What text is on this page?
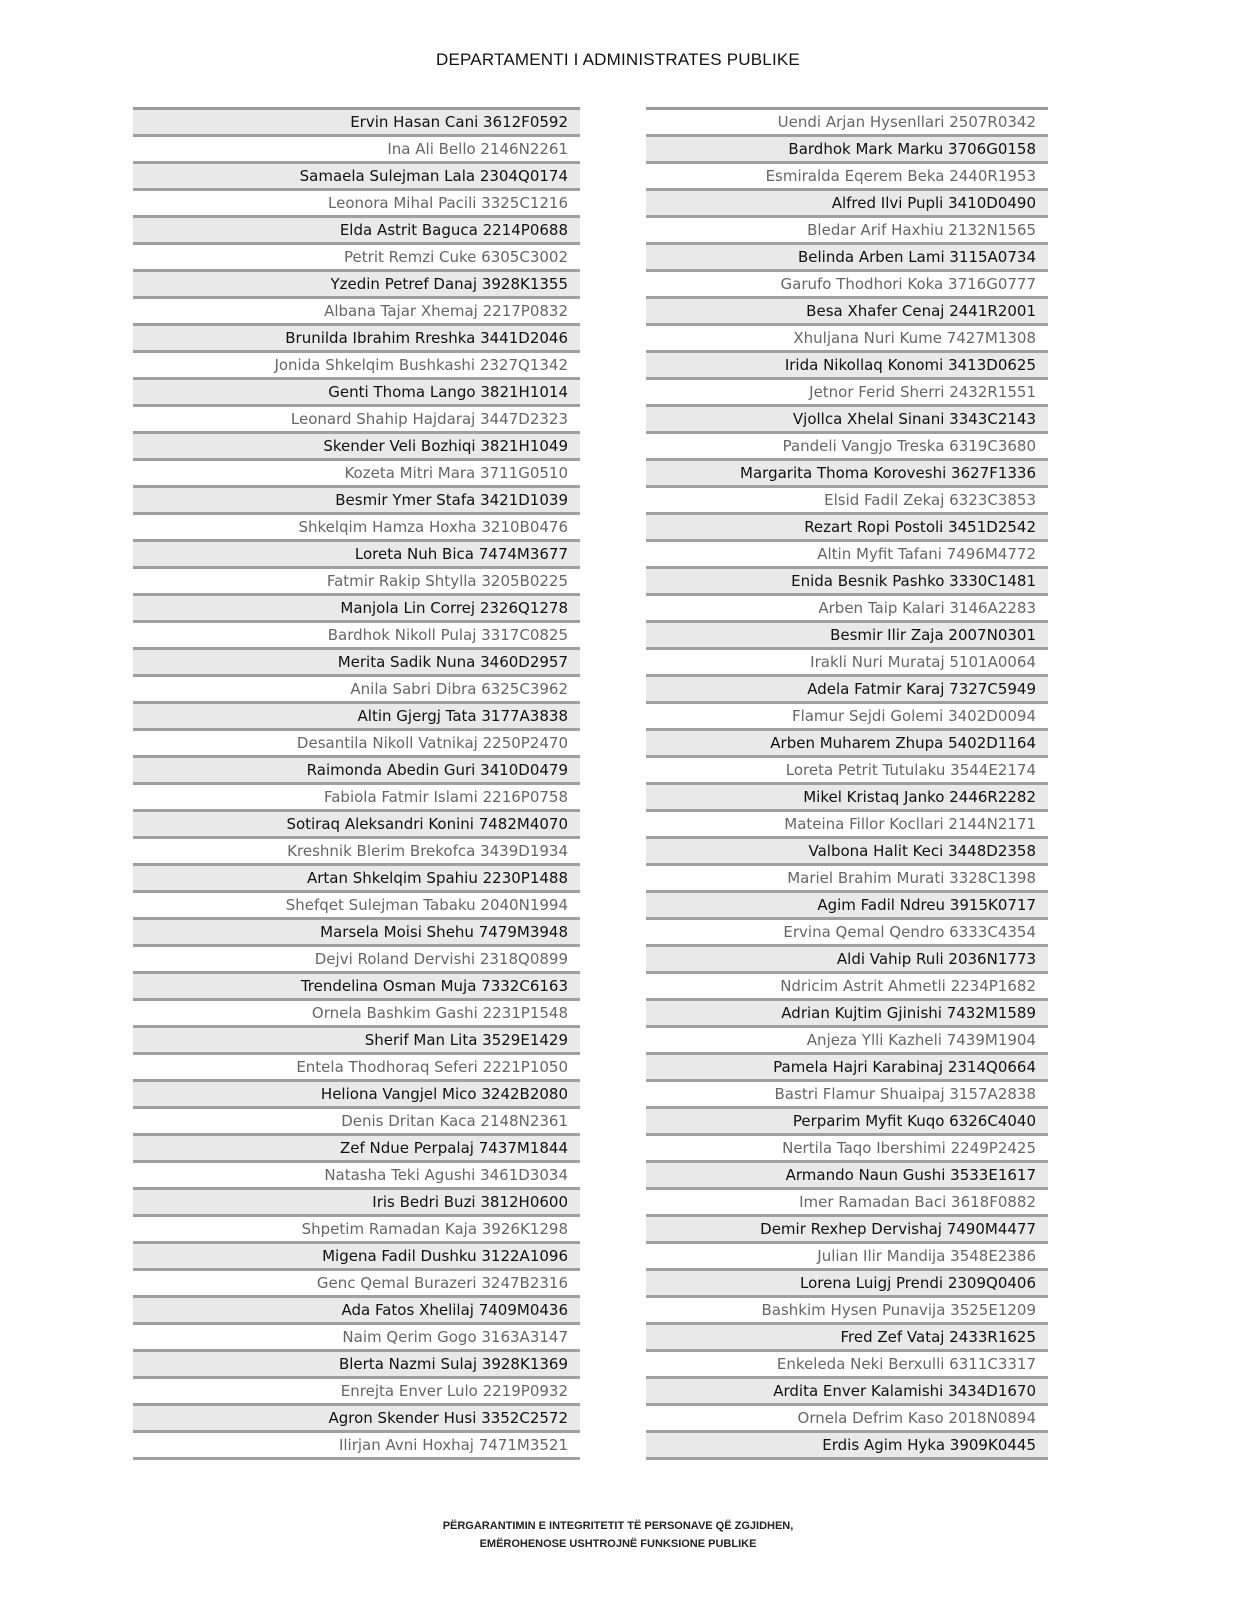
DEPARTAMENTI I ADMINISTRATES PUBLIKE
Ervin Hasan Cani 3612F0592
Ina Ali Bello 2146N2261
Samaela Sulejman Lala 2304Q0174
Leonora Mihal Pacili 3325C1216
Elda Astrit Baguca 2214P0688
Petrit Remzi Cuke 6305C3002
Yzedin Petref Danaj 3928K1355
Albana Tajar Xhemaj 2217P0832
Brunilda Ibrahim Rreshka 3441D2046
Jonida Shkelqim Bushkashi 2327Q1342
Genti Thoma Lango 3821H1014
Leonard Shahip Hajdaraj 3447D2323
Skender Veli Bozhiqi 3821H1049
Kozeta Mitri Mara 3711G0510
Besmir Ymer Stafa 3421D1039
Shkelqim Hamza Hoxha 3210B0476
Loreta Nuh Bica 7474M3677
Fatmir Rakip Shtylla 3205B0225
Manjola Lin Correj 2326Q1278
Bardhok Nikoll Pulaj 3317C0825
Merita Sadik Nuna 3460D2957
Anila Sabri Dibra 6325C3962
Altin Gjergj Tata 3177A3838
Desantila Nikoll Vatnikaj 2250P2470
Raimonda Abedin Guri 3410D0479
Fabiola Fatmir Islami 2216P0758
Sotiraq Aleksandri Konini 7482M4070
Kreshnik Blerim Brekofca 3439D1934
Artan Shkelqim Spahiu 2230P1488
Shefqet Sulejman Tabaku 2040N1994
Marsela Moisi Shehu 7479M3948
Dejvi Roland Dervishi 2318Q0899
Trendelina Osman Muja 7332C6163
Ornela Bashkim Gashi 2231P1548
Sherif Man Lita 3529E1429
Entela Thodhoraq Seferi 2221P1050
Heliona Vangjel Mico 3242B2080
Denis Dritan Kaca 2148N2361
Zef Ndue Perpalaj 7437M1844
Natasha Teki Agushi 3461D3034
Iris Bedri Buzi 3812H0600
Shpetim Ramadan Kaja 3926K1298
Migena Fadil Dushku 3122A1096
Genc Qemal Burazeri 3247B2316
Ada Fatos Xhelilaj 7409M0436
Naim Qerim Gogo 3163A3147
Blerta Nazmi Sulaj 3928K1369
Enrejta Enver Lulo 2219P0932
Agron Skender Husi 3352C2572
Ilirjan Avni Hoxhaj 7471M3521
Uendi Arjan Hysenllari 2507R0342
Bardhok Mark Marku 3706G0158
Esmiralda Eqerem Beka 2440R1953
Alfred Ilvi Pupli 3410D0490
Bledar Arif Haxhiu 2132N1565
Belinda Arben Lami 3115A0734
Garufo Thodhori Koka 3716G0777
Besa Xhafer Cenaj 2441R2001
Xhuljana Nuri Kume 7427M1308
Irida Nikollaq Konomi 3413D0625
Jetnor Ferid Sherri 2432R1551
Vjollca Xhelal Sinani 3343C2143
Pandeli Vangjo Treska 6319C3680
Margarita Thoma Koroveshi 3627F1336
Elsid Fadil Zekaj 6323C3853
Rezart Ropi Postoli 3451D2542
Altin Myfit Tafani 7496M4772
Enida Besnik Pashko 3330C1481
Arben Taip Kalari 3146A2283
Besmir Ilir Zaja 2007N0301
Irakli Nuri Murataj 5101A0064
Adela Fatmir Karaj 7327C5949
Flamur Sejdi Golemi 3402D0094
Arben Muharem Zhupa 5402D1164
Loreta Petrit Tutulaku 3544E2174
Mikel Kristaq Janko 2446R2282
Mateina Fillor Kocllari 2144N2171
Valbona Halit Keci 3448D2358
Mariel Brahim Murati 3328C1398
Agim Fadil Ndreu 3915K0717
Ervina Qemal Qendro 6333C4354
Aldi Vahip Ruli 2036N1773
Ndricim Astrit Ahmetli 2234P1682
Adrian Kujtim Gjinishi 7432M1589
Anjeza Ylli Kazheli 7439M1904
Pamela Hajri Karabinaj 2314Q0664
Bastri Flamur Shuaipaj 3157A2838
Perparim Myfit Kuqo 6326C4040
Nertila Taqo Ibershimi 2249P2425
Armando Naun Gushi 3533E1617
Imer Ramadan Baci 3618F0882
Demir Rexhep Dervishaj 7490M4477
Julian Ilir Mandija 3548E2386
Lorena Luigj Prendi 2309Q0406
Bashkim Hysen Punavija 3525E1209
Fred Zef Vataj 2433R1625
Enkeleda Neki Berxulli 6311C3317
Ardita Enver Kalamishi 3434D1670
Ornela Defrim Kaso 2018N0894
Erdis Agim Hyka 3909K0445
PËRGARANTIMIN E INTEGRITETIT TË PERSONAVE QË ZGJIDHEN,
EMËROHENOSE USHTROJNË FUNKSIONE PUBLIKE
